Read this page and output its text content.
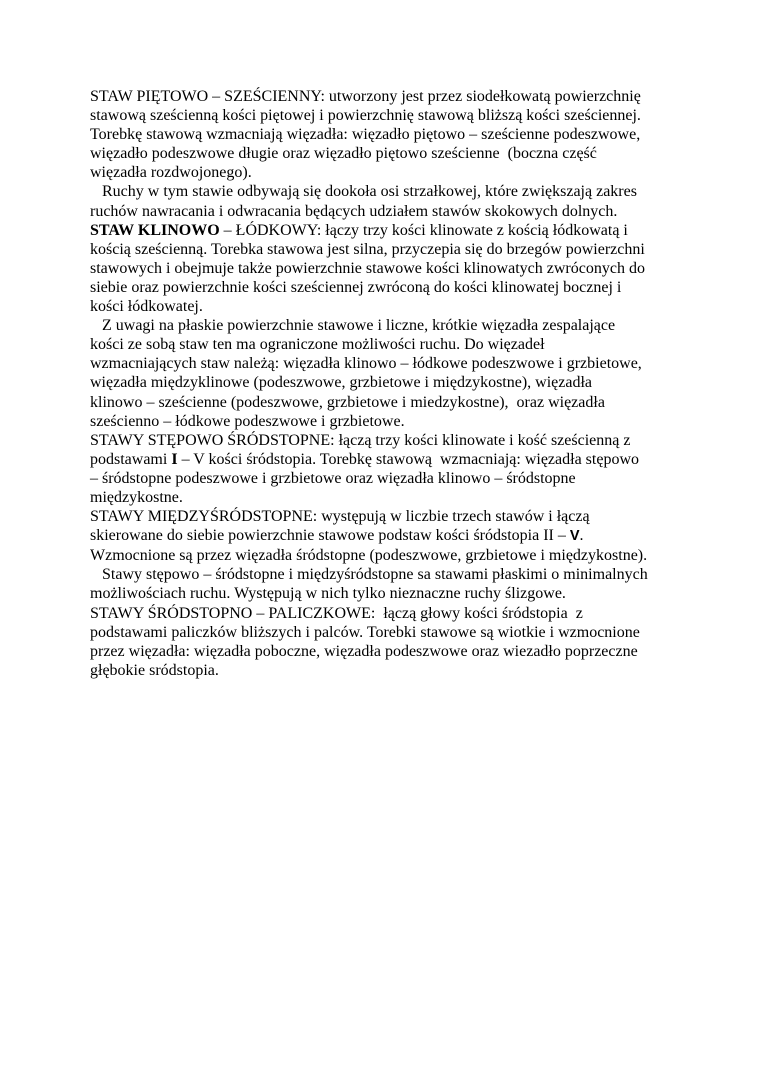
STAW PIĘTOWO – SZEŚCIENNY: utworzony jest przez siodełkowatą powierzchnię
stawową sześcienną kości piętowej i powierzchnię stawową bliższą kości sześciennej.
Torebkę stawową wzmacniają więzadła: więzadło piętowo – sześcienne podeszwowe,
więzadło podeszwowe długie oraz więzadło piętowo sześcienne  (boczna część
więzadła rozdwojonego).
Ruchy w tym stawie odbywają się dookoła osi strzałkowej, które zwiększają zakres
ruchów nawracania i odwracania będących udziałem stawów skokowych dolnych.
STAW KLINOWO – ŁÓDKOWY: łączy trzy kości klinowate z kością łódkowatą i
kością sześcienną. Torebka stawowa jest silna, przyczepia się do brzegów powierzchni
stawowych i obejmuje także powierzchnie stawowe kości klinowatych zwróconych do
siebie oraz powierzchnie kości sześciennej zwróconą do kości klinowatej bocznej i
kości łódkowatej.
Z uwagi na płaskie powierzchnie stawowe i liczne, krótkie więzadła zespalające
kości ze sobą staw ten ma ograniczone możliwości ruchu. Do więzadeł
wzmacniających staw należą: więzadła klinowo – łódkowe podeszwowe i grzbietowe,
więzadła międzyklinowe (podeszwowe, grzbietowe i międzykostne), więzadła
klinowo – sześcienne (podeszwowe, grzbietowe i miedzykostne),  oraz więzadła
sześcienno – łódkowe podeszwowe i grzbietowe.
STAWY STĘPOWO ŚRÓDSTOPNE: łączą trzy kości klinowate i kość sześcienną z
podstawami I – V kości śródstopia. Torebkę stawową  wzmacniają: więzadła stępowo
– śródstopne podeszwowe i grzbietowe oraz więzadła klinowo – śródstopne
międzykostne.
STAWY MIĘDZYŚRÓDSTOPNE: występują w liczbie trzech stawów i łączą
skierowane do siebie powierzchnie stawowe podstaw kości śródstopia II – V.
Wzmocnione są przez więzadła śródstopne (podeszwowe, grzbietowe i międzykostne).
Stawy stępowo – śródstopne i międzyśródstopne sa stawami płaskimi o minimalnych
możliwościach ruchu. Występują w nich tylko nieznaczne ruchy ślizgowe.
STAWY ŚRÓDSTOPNO – PALICZKOWE:  łączą głowy kości śródstopia  z
podstawami paliczków bliższych i palców. Torebki stawowe są wiotkie i wzmocnione
przez więzadła: więzadła poboczne, więzadła podeszwowe oraz wiezadło poprzeczne
głębokie sródstopia.
